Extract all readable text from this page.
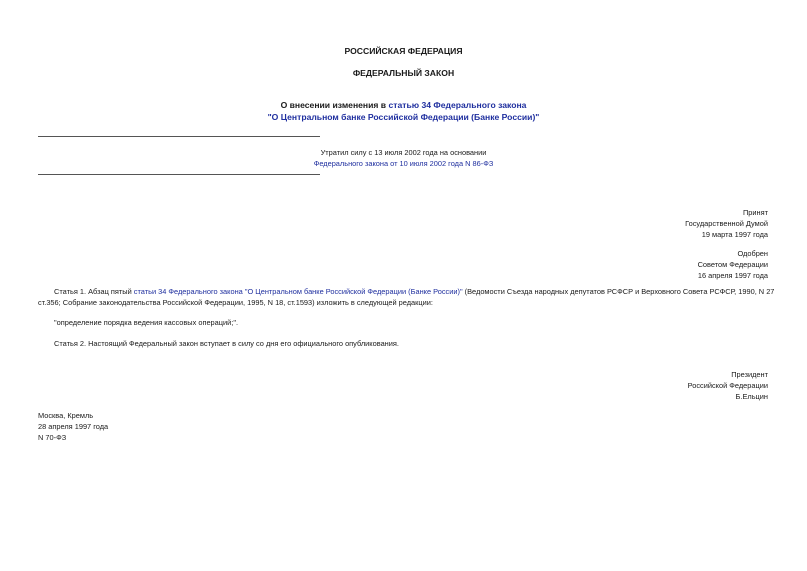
РОССИЙСКАЯ ФЕДЕРАЦИЯ
ФЕДЕРАЛЬНЫЙ ЗАКОН
О внесении изменения в статью 34 Федерального закона
"О Центральном банке Российской Федерации (Банке России)"
Утратил силу с 13 июля 2002 года на основании
Федерального закона от 10 июля 2002 года N 86-ФЗ
Принят
Государственной Думой
19 марта 1997 года
Одобрен
Советом Федерации
16 апреля 1997 года
Статья 1. Абзац пятый статьи 34 Федерального закона "О Центральном банке Российской Федерации (Банке России)" (Ведомости Съезда народных депутатов РСФСР и Верховного Совета РСФСР, 1990, N 27
ст.356; Собрание законодательства Российской Федерации, 1995, N 18, ст.1593) изложить в следующей редакции:
"определение порядка ведения кассовых операций;".
Статья 2. Настоящий Федеральный закон вступает в силу со дня его официального опубликования.
Президент
Российской Федерации
Б.Ельцин
Москва, Кремль
28 апреля 1997 года
N 70-ФЗ
